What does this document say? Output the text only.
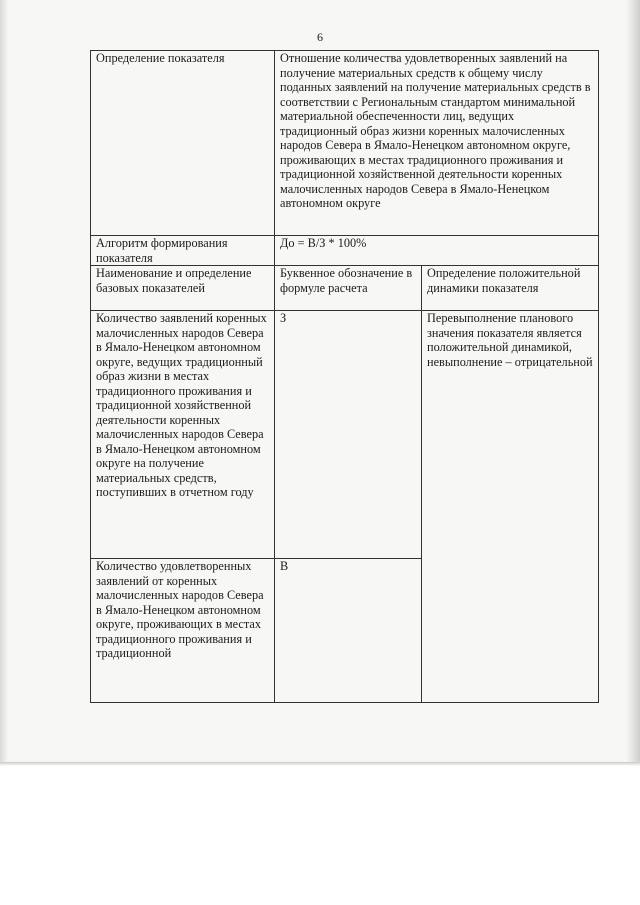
6
Определение показателя	Отношение количества удовлетворенных заявлений на получение материальных средств к общему числу поданных заявлений на получение материальных средств в соответствии с Региональным стандартом минимальной материальной обеспеченности лиц, ведущих традиционный образ жизни коренных малочисленных народов Севера в Ямало-Ненецком автономном округе, проживающих в местах традиционного проживания и традиционной хозяйственной деятельности коренных малочисленных народов Севера в Ямало-Ненецком автономном округе	
Алгоритм формирования показателя	До = В/З * 100%	
Наименование и определение базовых показателей	Буквенное обозначение в формуле расчета	Определение положительной динамики показателя
Количество заявлений коренных малочисленных народов Севера в Ямало-Ненецком автономном округе, ведущих традиционный образ жизни в местах традиционного проживания и традиционной хозяйственной деятельности коренных малочисленных народов Севера в Ямало-Ненецком автономном округе на получение материальных средств, поступивших в отчетном году	З	Перевыполнение планового значения показателя является положительной динамикой, невыполнение – отрицательной

Количество удовлетворенных заявлений от коренных малочисленных народов Севера в Ямало-Ненецком автономном округе, проживающих в местах традиционного проживания и традиционной	В	
